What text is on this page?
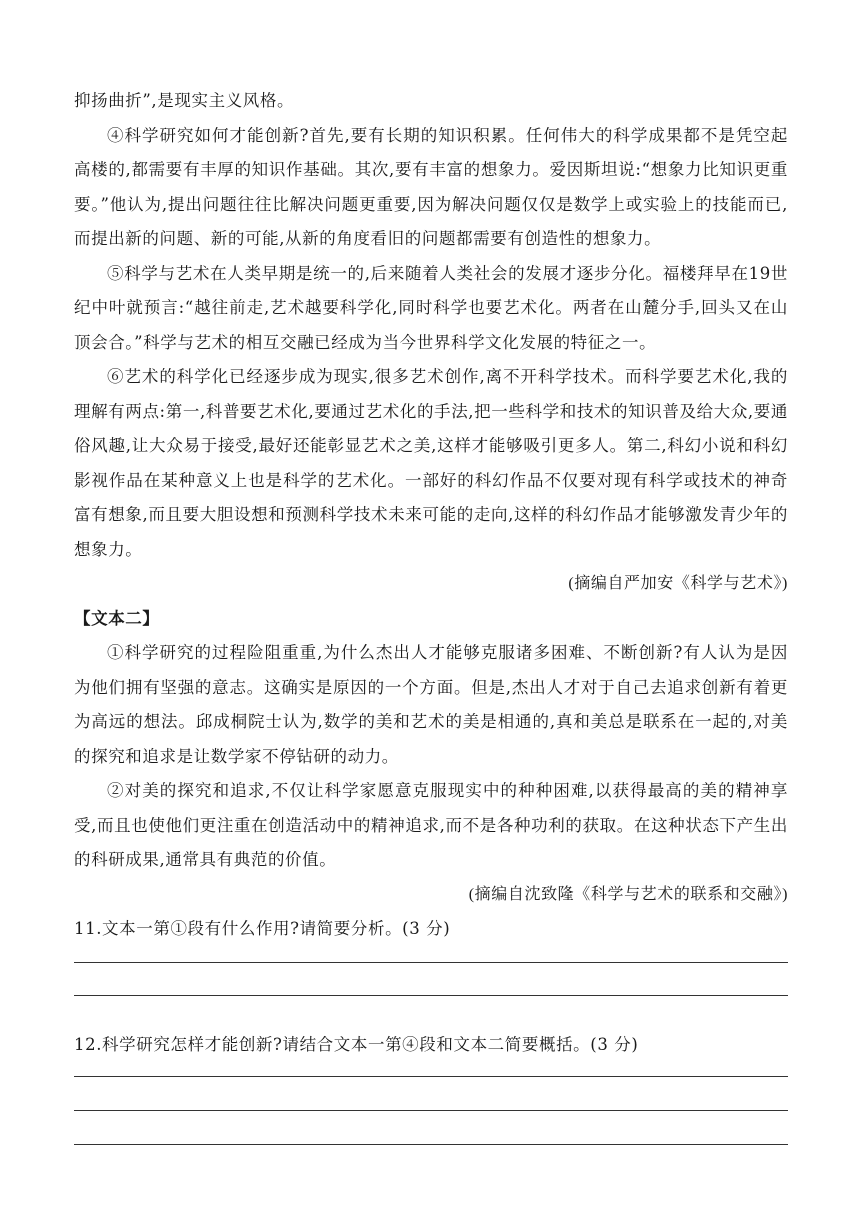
抑扬曲折”,是现实主义风格。

④科学研究如何才能创新?首先,要有长期的知识积累。任何伟大的科学成果都不是凭空起高楼的,都需要有丰厚的知识作基础。其次,要有丰富的想象力。爱因斯坦说:“想象力比知识更重要。”他认为,提出问题往往比解决问题更重要,因为解决问题仅仅是数学上或实验上的技能而已,而提出新的问题、新的可能,从新的角度看旧的问题都需要有创造性的想象力。

⑤科学与艺术在人类早期是统一的,后来随着人类社会的发展才逐步分化。福楼拜早在19世纪中叶就预言:“越往前走,艺术越要科学化,同时科学也要艺术化。两者在山麓分手,回头又在山顶会合。”科学与艺术的相互交融已经成为当今世界科学文化发展的特征之一。

⑥艺术的科学化已经逐步成为现实,很多艺术创作,离不开科学技术。而科学要艺术化,我的理解有两点:第一,科普要艺术化,要通过艺术化的手法,把一些科学和技术的知识普及给大众,要通俗风趣,让大众易于接受,最好还能彰显艺术之美,这样才能够吸引更多人。第二,科幻小说和科幻影视作品在某种意义上也是科学的艺术化。一部好的科幻作品不仅要对现有科学或技术的神奇富有想象,而且要大胆设想和预测科学技术未来可能的走向,这样的科幻作品才能够激发青少年的想象力。

(摘编自严加安《科学与艺术》)

【文本二】

①科学研究的过程险阻重重,为什么杰出人才能够克服诸多困难、不断创新?有人认为是因为他们拥有坚强的意志。这确实是原因的一个方面。但是,杰出人才对于自己去追求创新有着更为高远的想法。邱成桐院士认为,数学的美和艺术的美是相通的,真和美总是联系在一起的,对美的探究和追求是让数学家不停钻研的动力。

②对美的探究和追求,不仅让科学家愿意克服现实中的种种困难,以获得最高的美的精神享受,而且也使他们更注重在创造活动中的精神追求,而不是各种功利的获取。在这种状态下产生出的科研成果,通常具有典范的价值。

(摘编自沈致隆《科学与艺术的联系和交融》)

11.文本一第①段有什么作用?请简要分析。(3 分)

12.科学研究怎样才能创新?请结合文本一第④段和文本二简要概括。(3 分)
